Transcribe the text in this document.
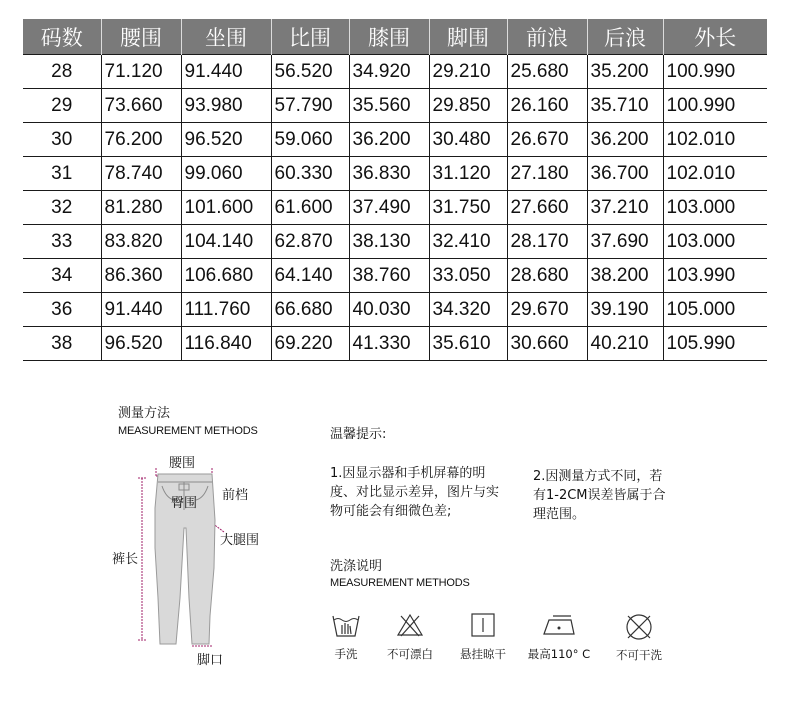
码数	腰围	坐围	比围	膝围	脚围	前浪	后浪	外长
28	71.120	91.440	56.520	34.920	29.210	25.680	35.200	100.990
29	73.660	93.980	57.790	35.560	29.850	26.160	35.710	100.990
30	76.200	96.520	59.060	36.200	30.480	26.670	36.200	102.010
31	78.740	99.060	60.330	36.830	31.120	27.180	36.700	102.010
32	81.280	101.600	61.600	37.490	31.750	27.660	37.210	103.000
33	83.820	104.140	62.870	38.130	32.410	28.170	37.690	103.000
34	86.360	106.680	64.140	38.760	33.050	28.680	38.200	103.990
36	91.440	111.760	66.680	40.030	34.320	29.670	39.190	105.000
38	96.520	116.840	69.220	41.330	35.610	30.660	40.210	105.990
测量方法
MEASUREMENT METHODS
腰围
臀围
前档
大腿围
裤长
脚口
温馨提示:
1.因显示器和手机屏幕的明度、对比显示差异，图片与实物可能会有细微色差;
2.因测量方式不同，若有1-2CM误差皆属于合理范围。
洗涤说明
MEASUREMENT METHODS
手洗	不可漂白	悬挂晾干	最高110° C	不可干洗
